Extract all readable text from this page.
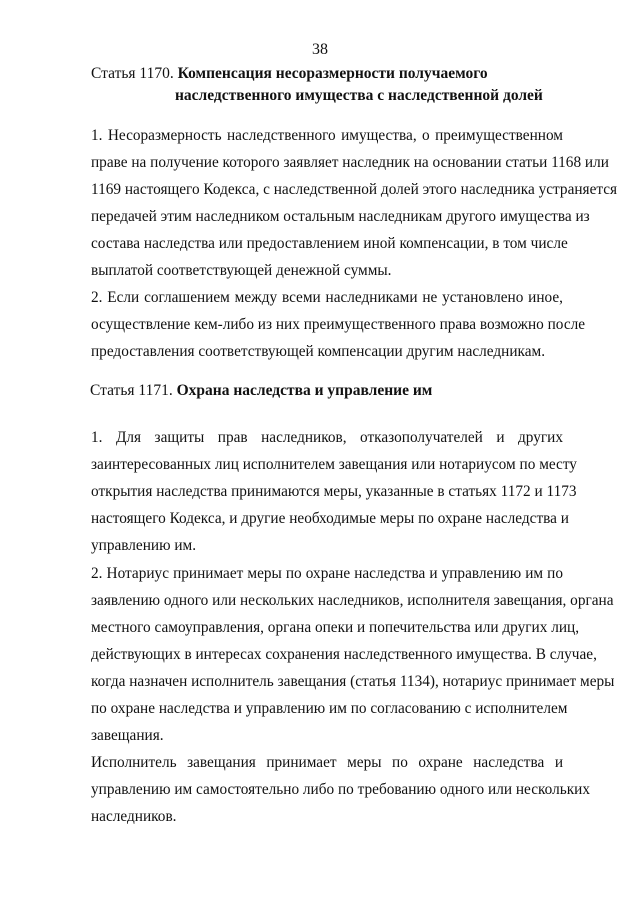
38
Статья 1170. Компенсация несоразмерности получаемого
наследственного имущества с наследственной долей
1. Несоразмерность наследственного имущества, о преимущественном
праве на получение которого заявляет наследник на основании статьи 1168 или
1169 настоящего Кодекса, с наследственной долей этого наследника устраняется
передачей этим наследником остальным наследникам другого имущества из
состава наследства или предоставлением иной компенсации, в том числе
выплатой соответствующей денежной суммы.
2. Если соглашением между всеми наследниками не установлено иное,
осуществление кем-либо из них преимущественного права возможно после
предоставления соответствующей компенсации другим наследникам.
Статья 1171. Охрана наследства и управление им
1. Для защиты прав наследников, отказополучателей и других
заинтересованных лиц исполнителем завещания или нотариусом по месту
открытия наследства принимаются меры, указанные в статьях 1172 и 1173
настоящего Кодекса, и другие необходимые меры по охране наследства и
управлению им.
2. Нотариус принимает меры по охране наследства и управлению им по
заявлению одного или нескольких наследников, исполнителя завещания, органа
местного самоуправления, органа опеки и попечительства или других лиц,
действующих в интересах сохранения наследственного имущества. В случае,
когда назначен исполнитель завещания (статья 1134), нотариус принимает меры
по охране наследства и управлению им по согласованию с исполнителем
завещания.
Исполнитель завещания принимает меры по охране наследства и
управлению им самостоятельно либо по требованию одного или нескольких
наследников.
